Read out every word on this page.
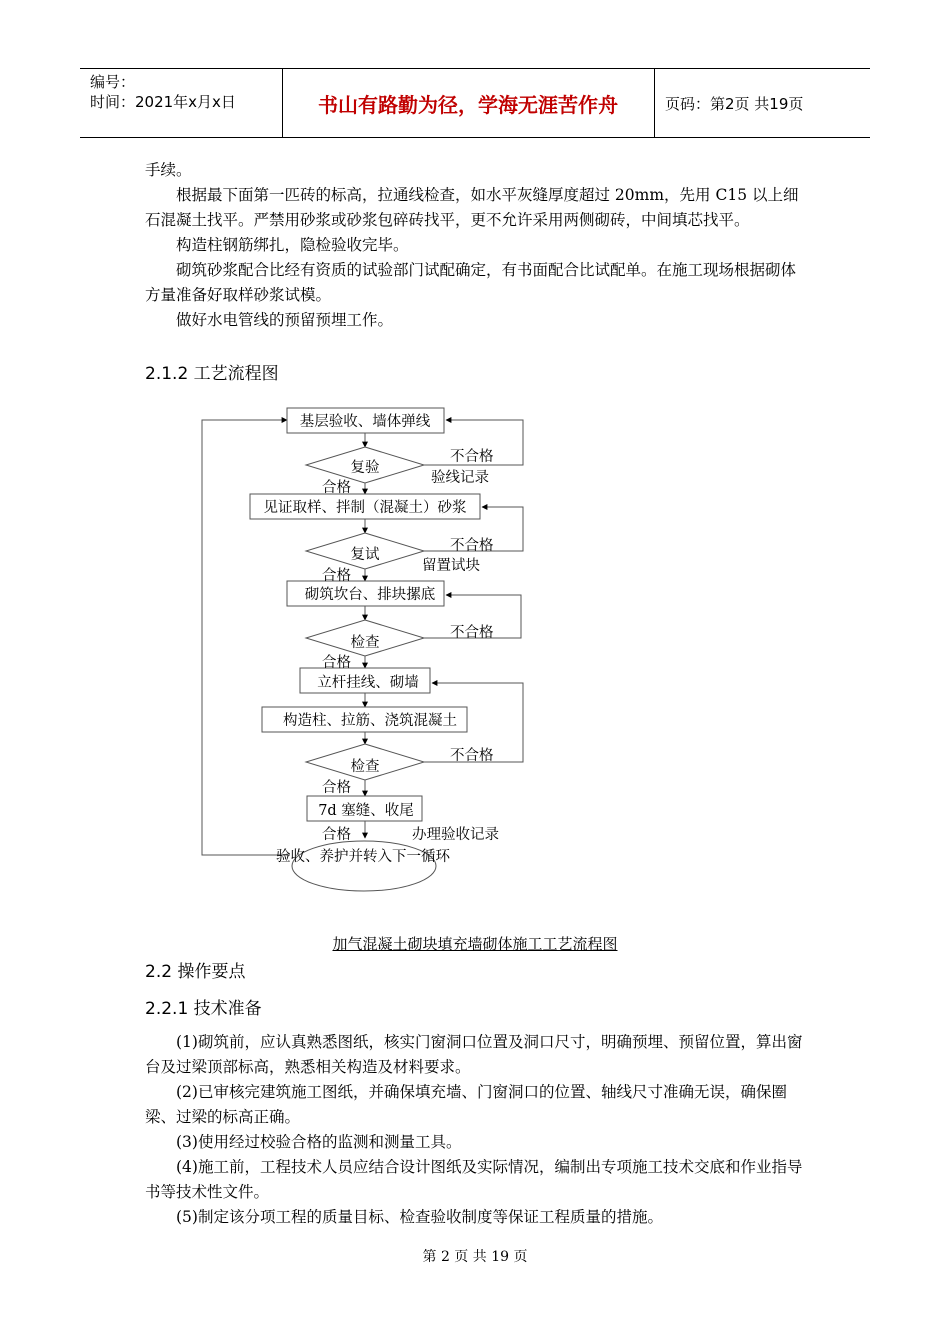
编号：
时间：2021年x月x日	书山有路勤为径，学海无涯苦作舟	页码：第2页 共19页

手续。

根据最下面第一匹砖的标高，拉通线检查，如水平灰缝厚度超过 20mm，先用 C15 以上细石混凝土找平。严禁用砂浆或砂浆包碎砖找平，更不允许采用两侧砌砖，中间填芯找平。

构造柱钢筋绑扎，隐检验收完毕。

砌筑砂浆配合比经有资质的试验部门试配确定，有书面配合比试配单。在施工现场根据砌体方量准备好取样砂浆试模。

做好水电管线的预留预埋工作。

2.1.2 工艺流程图
基层验收、墙体弹线
复验
不合格
验线记录
合格
见证取样、拌制（混凝土）砂浆
复试
不合格
留置试块
合格
砌筑坎台、排块摞底
检查
不合格
合格
立杆挂线、砌墙
构造柱、拉筋、浇筑混凝土
检查
不合格
合格
7d 塞缝、收尾
合格	办理验收记录
验收、养护并转入下一循环
加气混凝土砌块填充墙砌体施工工艺流程图
2.2 操作要点
2.2.1 技术准备

(1)砌筑前，应认真熟悉图纸，核实门窗洞口位置及洞口尺寸，明确预埋、预留位置，算出窗台及过梁顶部标高，熟悉相关构造及材料要求。

(2)已审核完建筑施工图纸，并确保填充墙、门窗洞口的位置、轴线尺寸准确无误，确保圈梁、过梁的标高正确。

(3)使用经过校验合格的监测和测量工具。

(4)施工前，工程技术人员应结合设计图纸及实际情况，编制出专项施工技术交底和作业指导书等技术性文件。

(5)制定该分项工程的质量目标、检查验收制度等保证工程质量的措施。

第 2 页 共 19 页
